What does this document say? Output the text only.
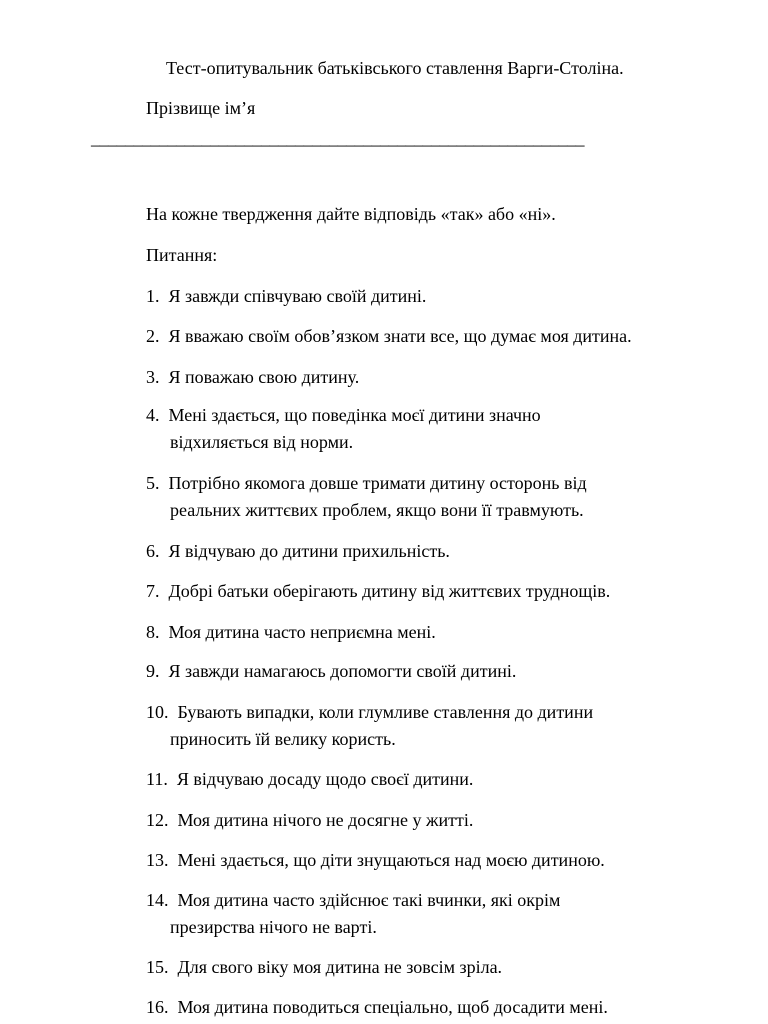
Тест-опитувальник батьківського ставлення Варги-Століна.
Прізвище ім’я
__________________________________________________________
На кожне твердження дайте відповідь «так» або «ні».
Питання:
1.  Я завжди співчуваю своїй дитині.
2.  Я вважаю своїм обов’язком знати все, що думає моя дитина.
3.  Я поважаю свою дитину.
4.  Мені здається, що поведінка моєї дитини значно
відхиляється від норми.
5.  Потрібно якомога довше тримати дитину осторонь від
реальних життєвих проблем, якщо вони її травмують.
6.  Я відчуваю до дитини прихильність.
7.  Добрі батьки оберігають дитину від життєвих труднощів.
8.  Моя дитина часто неприємна мені.
9.  Я завжди намагаюсь допомогти своїй дитині.
10.  Бувають випадки, коли глумливе ставлення до дитини
приносить їй велику користь.
11.  Я відчуваю досаду щодо своєї дитини.
12.  Моя дитина нічого не досягне у житті.
13.  Мені здається, що діти знущаються над моєю дитиною.
14.  Моя дитина часто здійснює такі вчинки, які окрім
презирства нічого не варті.
15.  Для свого віку моя дитина не зовсім зріла.
16.  Моя дитина поводиться спеціально, щоб досадити мені.
